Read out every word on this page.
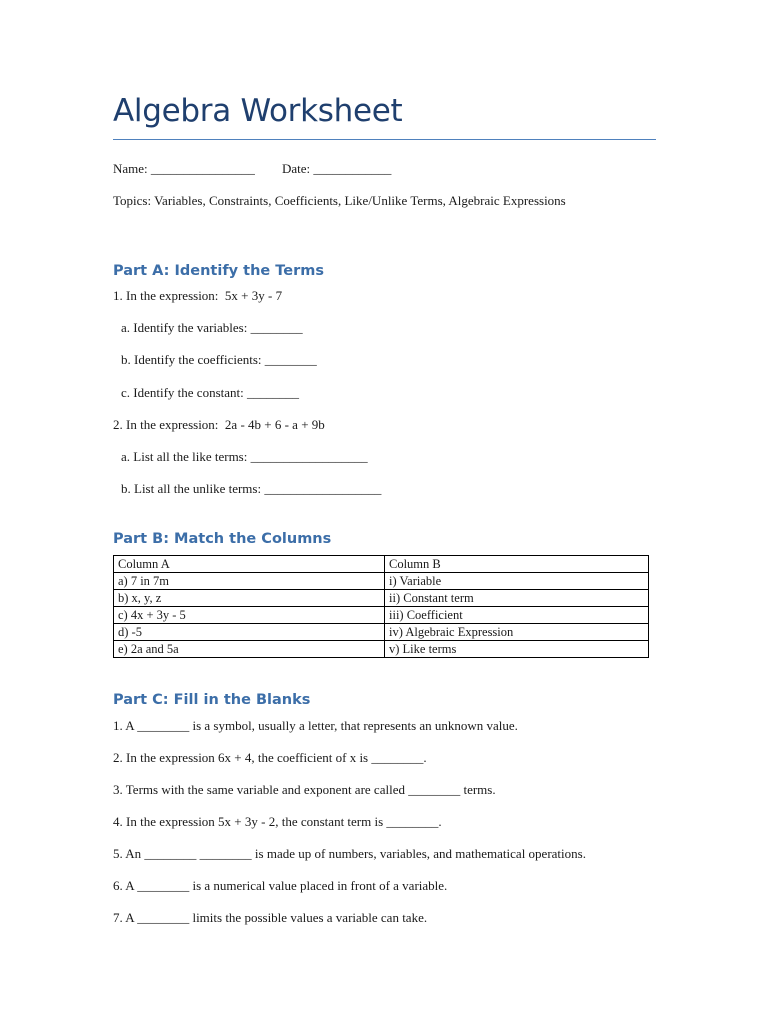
Algebra Worksheet
Name: ________________ Date: ____________
Topics: Variables, Constraints, Coefficients, Like/Unlike Terms, Algebraic Expressions
Part A: Identify the Terms
1. In the expression:  5x + 3y - 7
a. Identify the variables: ________
b. Identify the coefficients: ________
c. Identify the constant: ________
2. In the expression:  2a - 4b + 6 - a + 9b
a. List all the like terms: __________________
b. List all the unlike terms: __________________
Part B: Match the Columns
Column A	Column B
a) 7 in 7m	i) Variable
b) x, y, z	ii) Constant term
c) 4x + 3y - 5	iii) Coefficient
d) -5	iv) Algebraic Expression
e) 2a and 5a	v) Like terms
Part C: Fill in the Blanks
1. A ________ is a symbol, usually a letter, that represents an unknown value.
2. In the expression 6x + 4, the coefficient of x is ________.
3. Terms with the same variable and exponent are called ________ terms.
4. In the expression 5x + 3y - 2, the constant term is ________.
5. An ________ ________ is made up of numbers, variables, and mathematical operations.
6. A ________ is a numerical value placed in front of a variable.
7. A ________ limits the possible values a variable can take.
